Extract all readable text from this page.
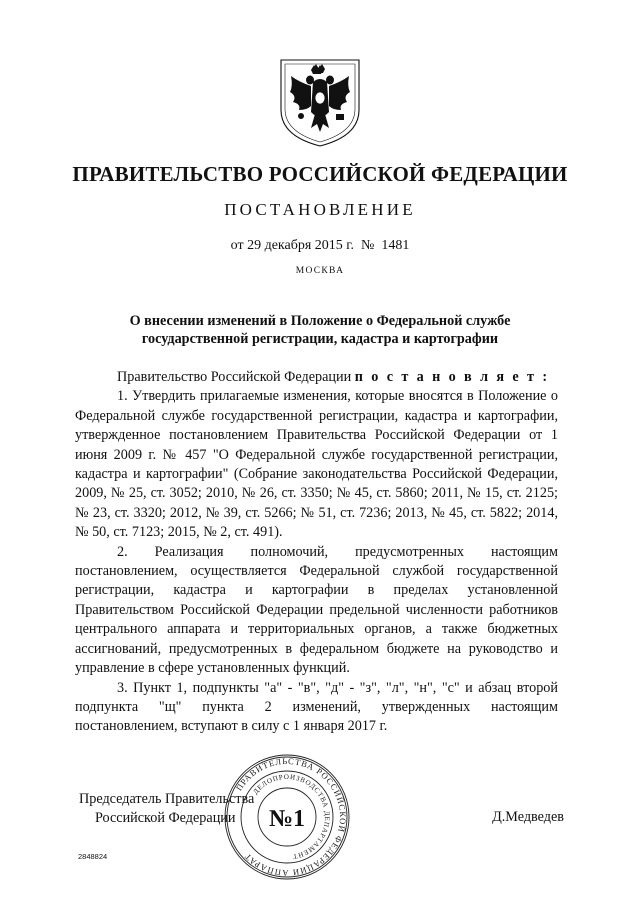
ПРАВИТЕЛЬСТВО РОССИЙСКОЙ ФЕДЕРАЦИИ
ПОСТАНОВЛЕНИЕ
от 29 декабря 2015 г.  №  1481
МОСКВА
О внесении изменений в Положение о Федеральной службе
государственной регистрации, кадастра и картографии

Правительство Российской Федерации п о с т а н о в л я е т :

1. Утвердить прилагаемые изменения, которые вносятся в Положение о Федеральной службе государственной регистрации, кадастра и картографии, утвержденное постановлением Правительства Российской Федерации от 1 июня 2009 г. № 457 "О Федеральной службе государственной регистрации, кадастра и картографии" (Собрание законодательства Российской Федерации, 2009, № 25, ст. 3052; 2010, № 26, ст. 3350; № 45, ст. 5860; 2011, № 15, ст. 2125; № 23, ст. 3320; 2012, № 39, ст. 5266; № 51, ст. 7236; 2013, № 45, ст. 5822; 2014, № 50, ст. 7123; 2015, № 2, ст. 491).

2. Реализация полномочий, предусмотренных настоящим постановлением, осуществляется Федеральной службой государственной регистрации, кадастра и картографии в пределах установленной Правительством Российской Федерации предельной численности работников центрального аппарата и территориальных органов, а также бюджетных ассигнований, предусмотренных в федеральном бюджете на руководство и управление в сфере установленных функций.

3. Пункт 1, подпункты "а" - "в", "д" - "з", "л", "н", "с" и абзац второй подпункта "щ" пункта 2 изменений, утвержденных настоящим постановлением, вступают в силу с 1 января 2017 г.

Председатель Правительства
Российской Федерации	Д.Медведев
ПРАВИТЕЛЬСТВА РОССИЙСКОЙ ФЕДЕРАЦИИ АППАРАТ
ДЕЛОПРОИЗВОДСТВА ДЕПАРТАМЕНТ
№1
2848824
